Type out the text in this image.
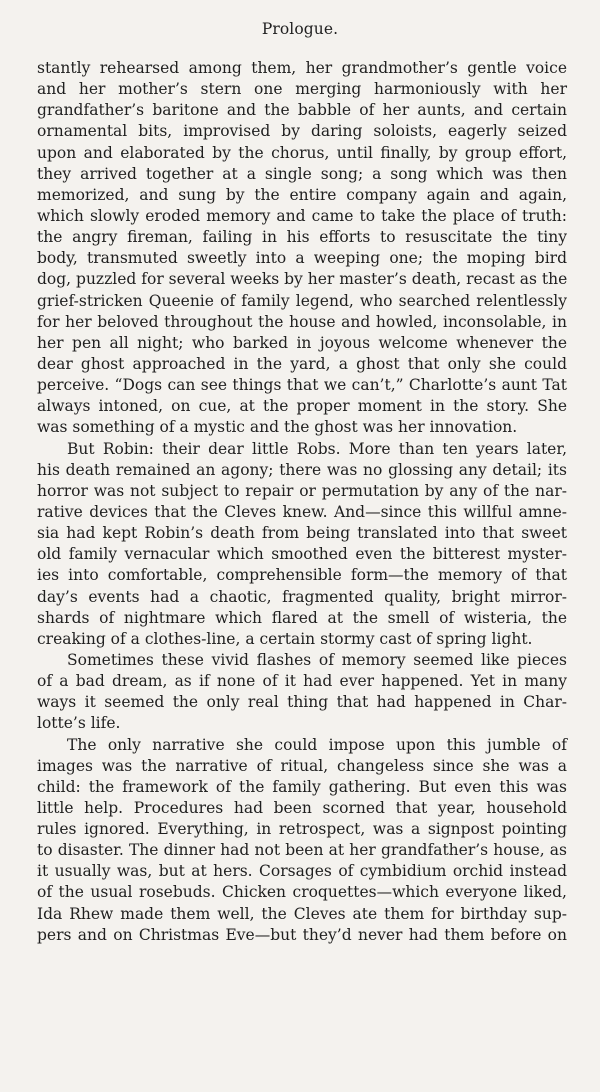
Prologue.
stantly rehearsed among them, her grandmother’s gentle voice
and her mother’s stern one merging harmoniously with her
grandfather’s baritone and the babble of her aunts, and certain
ornamental bits, improvised by daring soloists, eagerly seized
upon and elaborated by the chorus, until finally, by group effort,
they arrived together at a single song; a song which was then
memorized, and sung by the entire company again and again,
which slowly eroded memory and came to take the place of truth:
the angry fireman, failing in his efforts to resuscitate the tiny
body, transmuted sweetly into a weeping one; the moping bird
dog, puzzled for several weeks by her master’s death, recast as the
grief-stricken Queenie of family legend, who searched relentlessly
for her beloved throughout the house and howled, inconsolable, in
her pen all night; who barked in joyous welcome whenever the
dear ghost approached in the yard, a ghost that only she could
perceive. “Dogs can see things that we can’t,” Charlotte’s aunt Tat
always intoned, on cue, at the proper moment in the story. She
was something of a mystic and the ghost was her innovation.
But Robin: their dear little Robs. More than ten years later,
his death remained an agony; there was no glossing any detail; its
horror was not subject to repair or permutation by any of the nar-
rative devices that the Cleves knew. And—since this willful amne-
sia had kept Robin’s death from being translated into that sweet
old family vernacular which smoothed even the bitterest myster-
ies into comfortable, comprehensible form—the memory of that
day’s events had a chaotic, fragmented quality, bright mirror-
shards of nightmare which flared at the smell of wisteria, the
creaking of a clothes-line, a certain stormy cast of spring light.
Sometimes these vivid flashes of memory seemed like pieces
of a bad dream, as if none of it had ever happened. Yet in many
ways it seemed the only real thing that had happened in Char-
lotte’s life.
The only narrative she could impose upon this jumble of
images was the narrative of ritual, changeless since she was a
child: the framework of the family gathering. But even this was
little help. Procedures had been scorned that year, household
rules ignored. Everything, in retrospect, was a signpost pointing
to disaster. The dinner had not been at her grandfather’s house, as
it usually was, but at hers. Corsages of cymbidium orchid instead
of the usual rosebuds. Chicken croquettes—which everyone liked,
Ida Rhew made them well, the Cleves ate them for birthday sup-
pers and on Christmas Eve—but they’d never had them before on
